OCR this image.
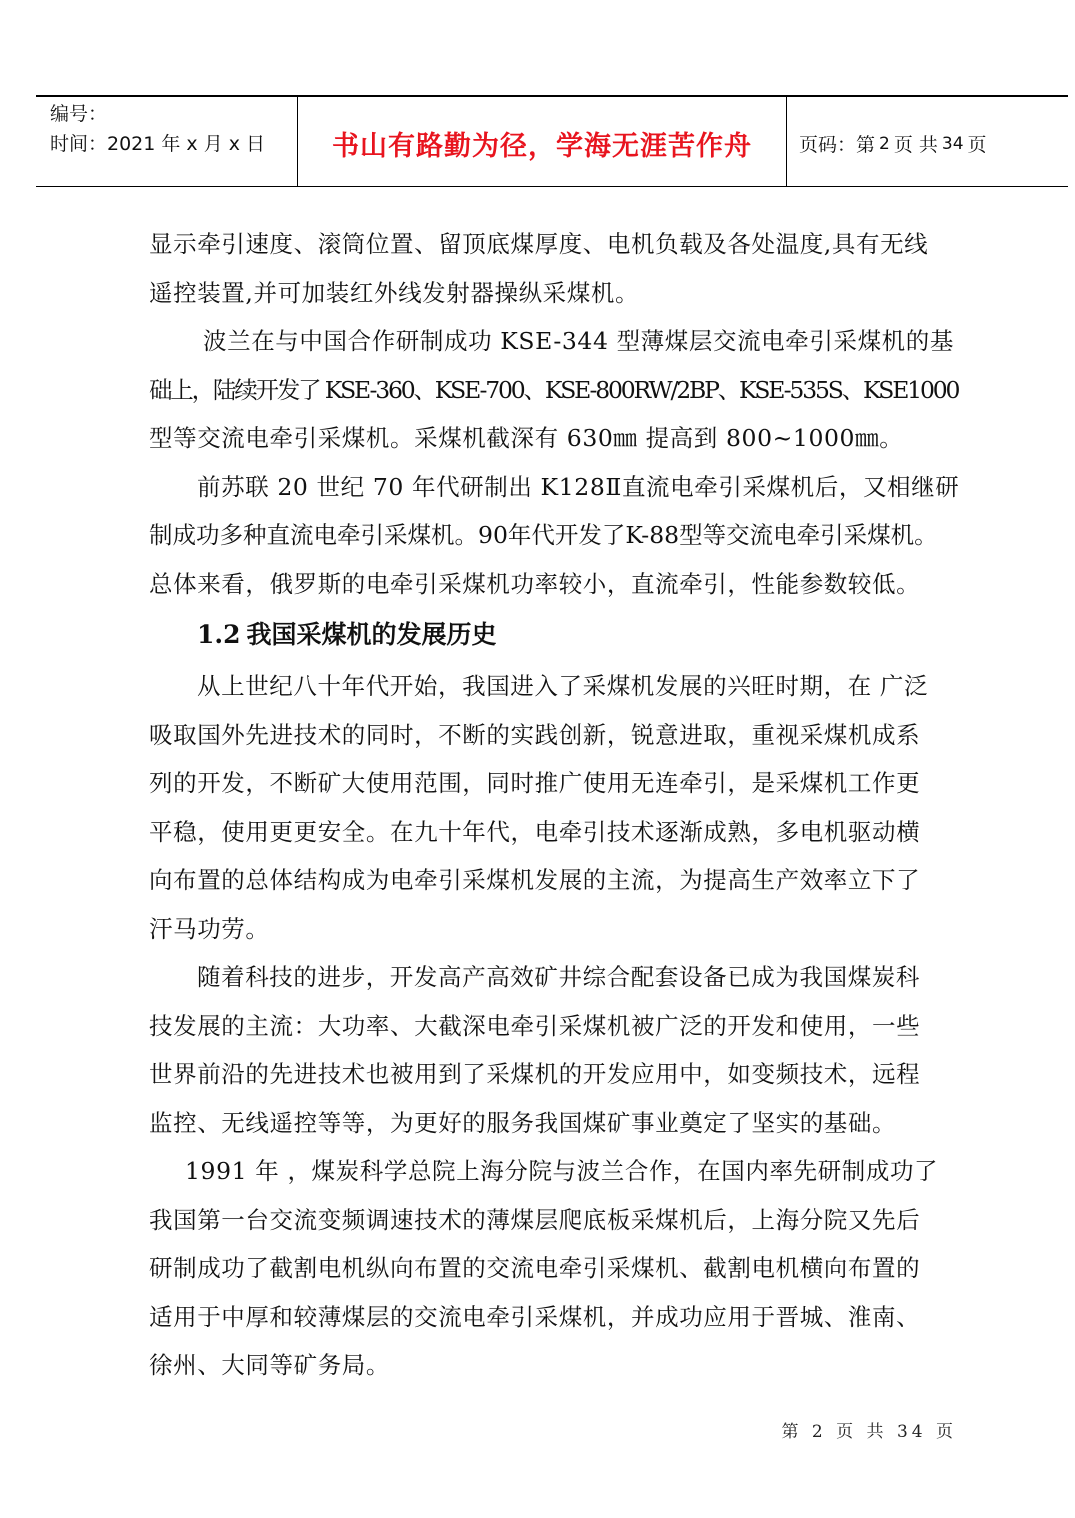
编号：
时间：2021 年 x 月 x 日	书山有路勤为径，学海无涯苦作舟 页码：第 2 页 共 34 页

显示牵引速度、滚筒位置、留顶底煤厚度、电机负载及各处温度,具有无线
遥控装置,并可加装红外线发射器操纵采煤机。

波兰在与中国合作研制成功 KSE-344 型薄煤层交流电牵引采煤机的基
础上，陆续开发了 KSE-360、KSE-700、KSE-800RW/2BP、KSE-535S、KSE1000
型等交流电牵引采煤机。采煤机截深有 630㎜ 提高到 800~1000㎜。

前苏联 20 世纪 70 年代研制出 K128Ⅱ直流电牵引采煤机后，又相继研
制成功多种直流电牵引采煤机。90年代开发了K-88型等交流电牵引采煤机。
总体来看，俄罗斯的电牵引采煤机功率较小，直流牵引，性能参数较低。

1.2 我国采煤机的发展历史

从上世纪八十年代开始，我国进入了采煤机发展的兴旺时期，在 广泛
吸取国外先进技术的同时，不断的实践创新，锐意进取，重视采煤机成系
列的开发，不断矿大使用范围，同时推广使用无连牵引，是采煤机工作更
平稳，使用更更安全。在九十年代，电牵引技术逐渐成熟，多电机驱动横
向布置的总体结构成为电牵引采煤机发展的主流，为提高生产效率立下了
汗马功劳。

随着科技的进步，开发高产高效矿井综合配套设备已成为我国煤炭科
技发展的主流：大功率、大截深电牵引采煤机被广泛的开发和使用，一些
世界前沿的先进技术也被用到了采煤机的开发应用中，如变频技术，远程
监控、无线遥控等等，为更好的服务我国煤矿事业奠定了坚实的基础。

1991 年 ，煤炭科学总院上海分院与波兰合作，在国内率先研制成功了
我国第一台交流变频调速技术的薄煤层爬底板采煤机后，上海分院又先后
研制成功了截割电机纵向布置的交流电牵引采煤机、截割电机横向布置的
适用于中厚和较薄煤层的交流电牵引采煤机，并成功应用于晋城、淮南、
徐州、大同等矿务局。

第 2 页 共 34 页
